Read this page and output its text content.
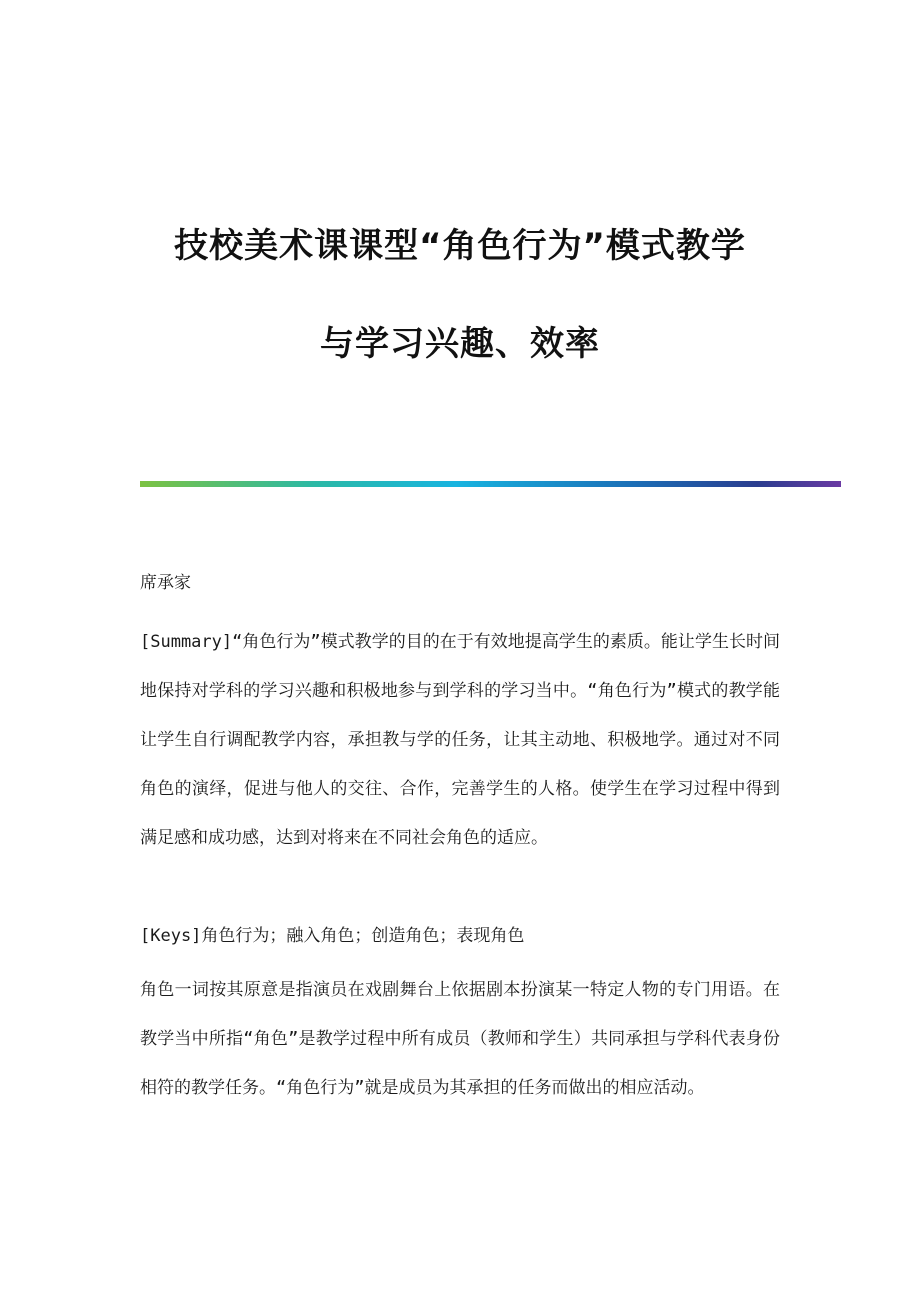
技校美术课课型“角色行为”模式教学
与学习兴趣、效率
席承家

[Summary]“角色行为”模式教学的目的在于有效地提高学生的素质。能让学生长时间地保持对学科的学习兴趣和积极地参与到学科的学习当中。“角色行为”模式的教学能让学生自行调配教学内容，承担教与学的任务，让其主动地、积极地学。通过对不同角色的演绎，促进与他人的交往、合作，完善学生的人格。使学生在学习过程中得到满足感和成功感，达到对将来在不同社会角色的适应。

[Keys]角色行为；融入角色；创造角色；表现角色

角色一词按其原意是指演员在戏剧舞台上依据剧本扮演某一特定人物的专门用语。在教学当中所指“角色”是教学过程中所有成员（教师和学生）共同承担与学科代表身份相符的教学任务。“角色行为”就是成员为其承担的任务而做出的相应活动。
